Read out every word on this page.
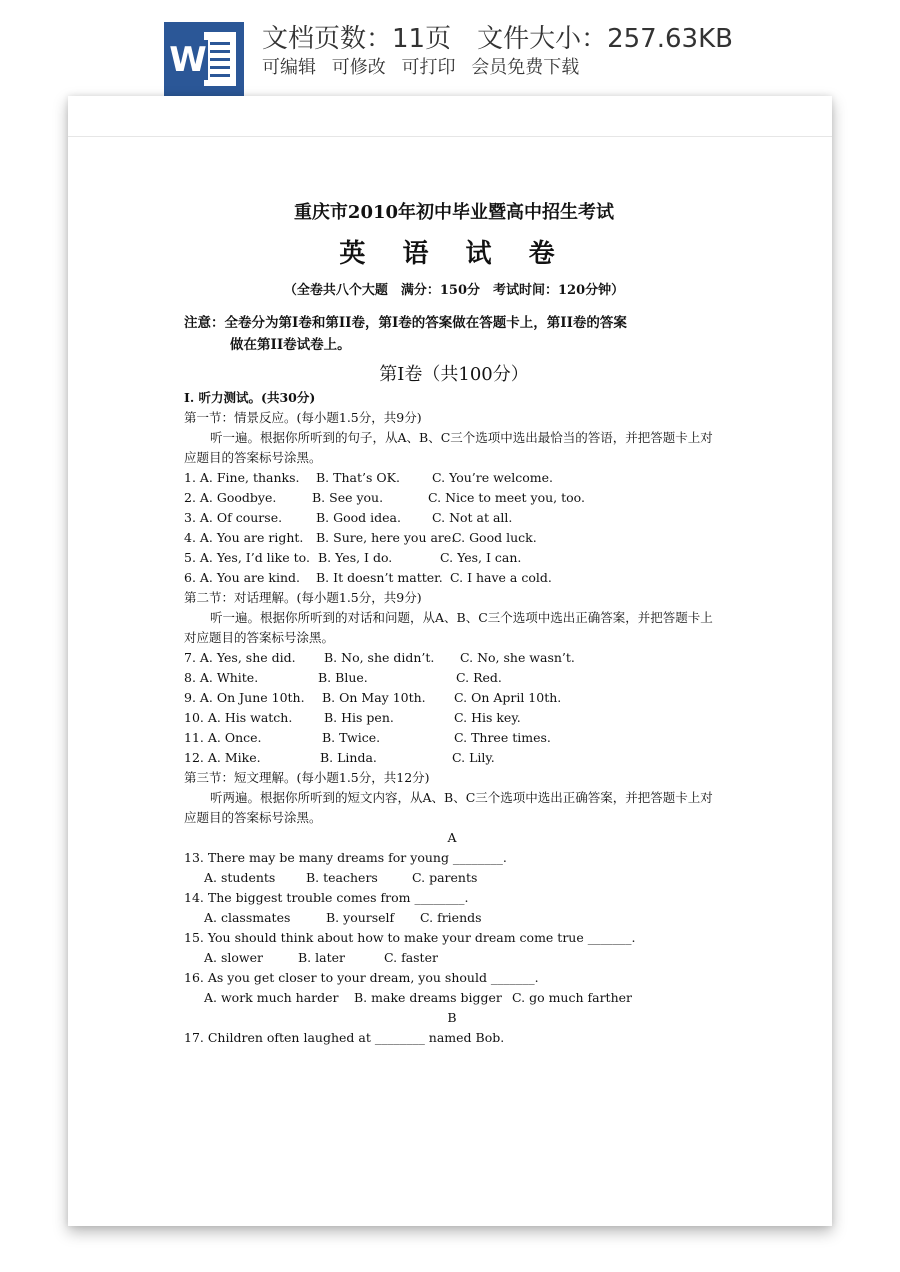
W
文档页数：11页 文件大小：257.63KB
可编辑 可修改 可打印 会员免费下载
重庆市2010年初中毕业暨高中招生考试
英 语 试 卷
（全卷共八个大题　满分：150分　考试时间：120分钟）
注意：全卷分为第I卷和第II卷，第I卷的答案做在答题卡上，第II卷的答案
做在第II卷试卷上。
第I卷（共100分）
I. 听力测试。(共30分)
第一节：情景反应。(每小题1.5分，共9分)
听一遍。根据你所听到的句子，从A、B、C三个选项中选出最恰当的答语，并把答题卡上对应题目的答案标号涂黑。
1. A. Fine, thanks. B. That’s OK.	C. You’re welcome.
2. A. Goodbye.	B. See you.	C. Nice to meet you, too.
3. A. Of course.	B. Good idea. C. Not at all.
4. A. You are right. B. Sure, here you are.
C. Good luck.
5. A. Yes, I’d like to. B. Yes, I do.	C. Yes, I can.
6. A. You are kind. B. It doesn’t matter. C. I have a cold.
第二节：对话理解。(每小题1.5分，共9分)
听一遍。根据你所听到的对话和问题，从A、B、C三个选项中选出正确答案，并把答题卡上对应题目的答案标号涂黑。
7. A. Yes, she did. B. No, she didn’t. C. No, she wasn’t.
8. A. White.	B. Blue.	C. Red.
9. A. On June 10th. B. On May 10th. C. On April 10th.
10. A. His watch.	B. His pen.	C. His key.
11. A. Once.	B. Twice.	C. Three times.
12. A. Mike.	B. Linda.	C. Lily.
第三节：短文理解。(每小题1.5分，共12分)
听两遍。根据你所听到的短文内容，从A、B、C三个选项中选出正确答案，并把答题卡上对应题目的答案标号涂黑。
A
13. There may be many dreams for young ________.
A. students B. teachers	C. parents
14. The biggest trouble comes from ________.
A. classmates	B. yourself C. friends
15. You should think about how to make your dream come true _______.
A. slower	B. later	C. faster
16. As you get closer to your dream, you should _______.
A. work much harder B. make dreams bigger C. go much farther
B
17. Children often laughed at ________ named Bob.
